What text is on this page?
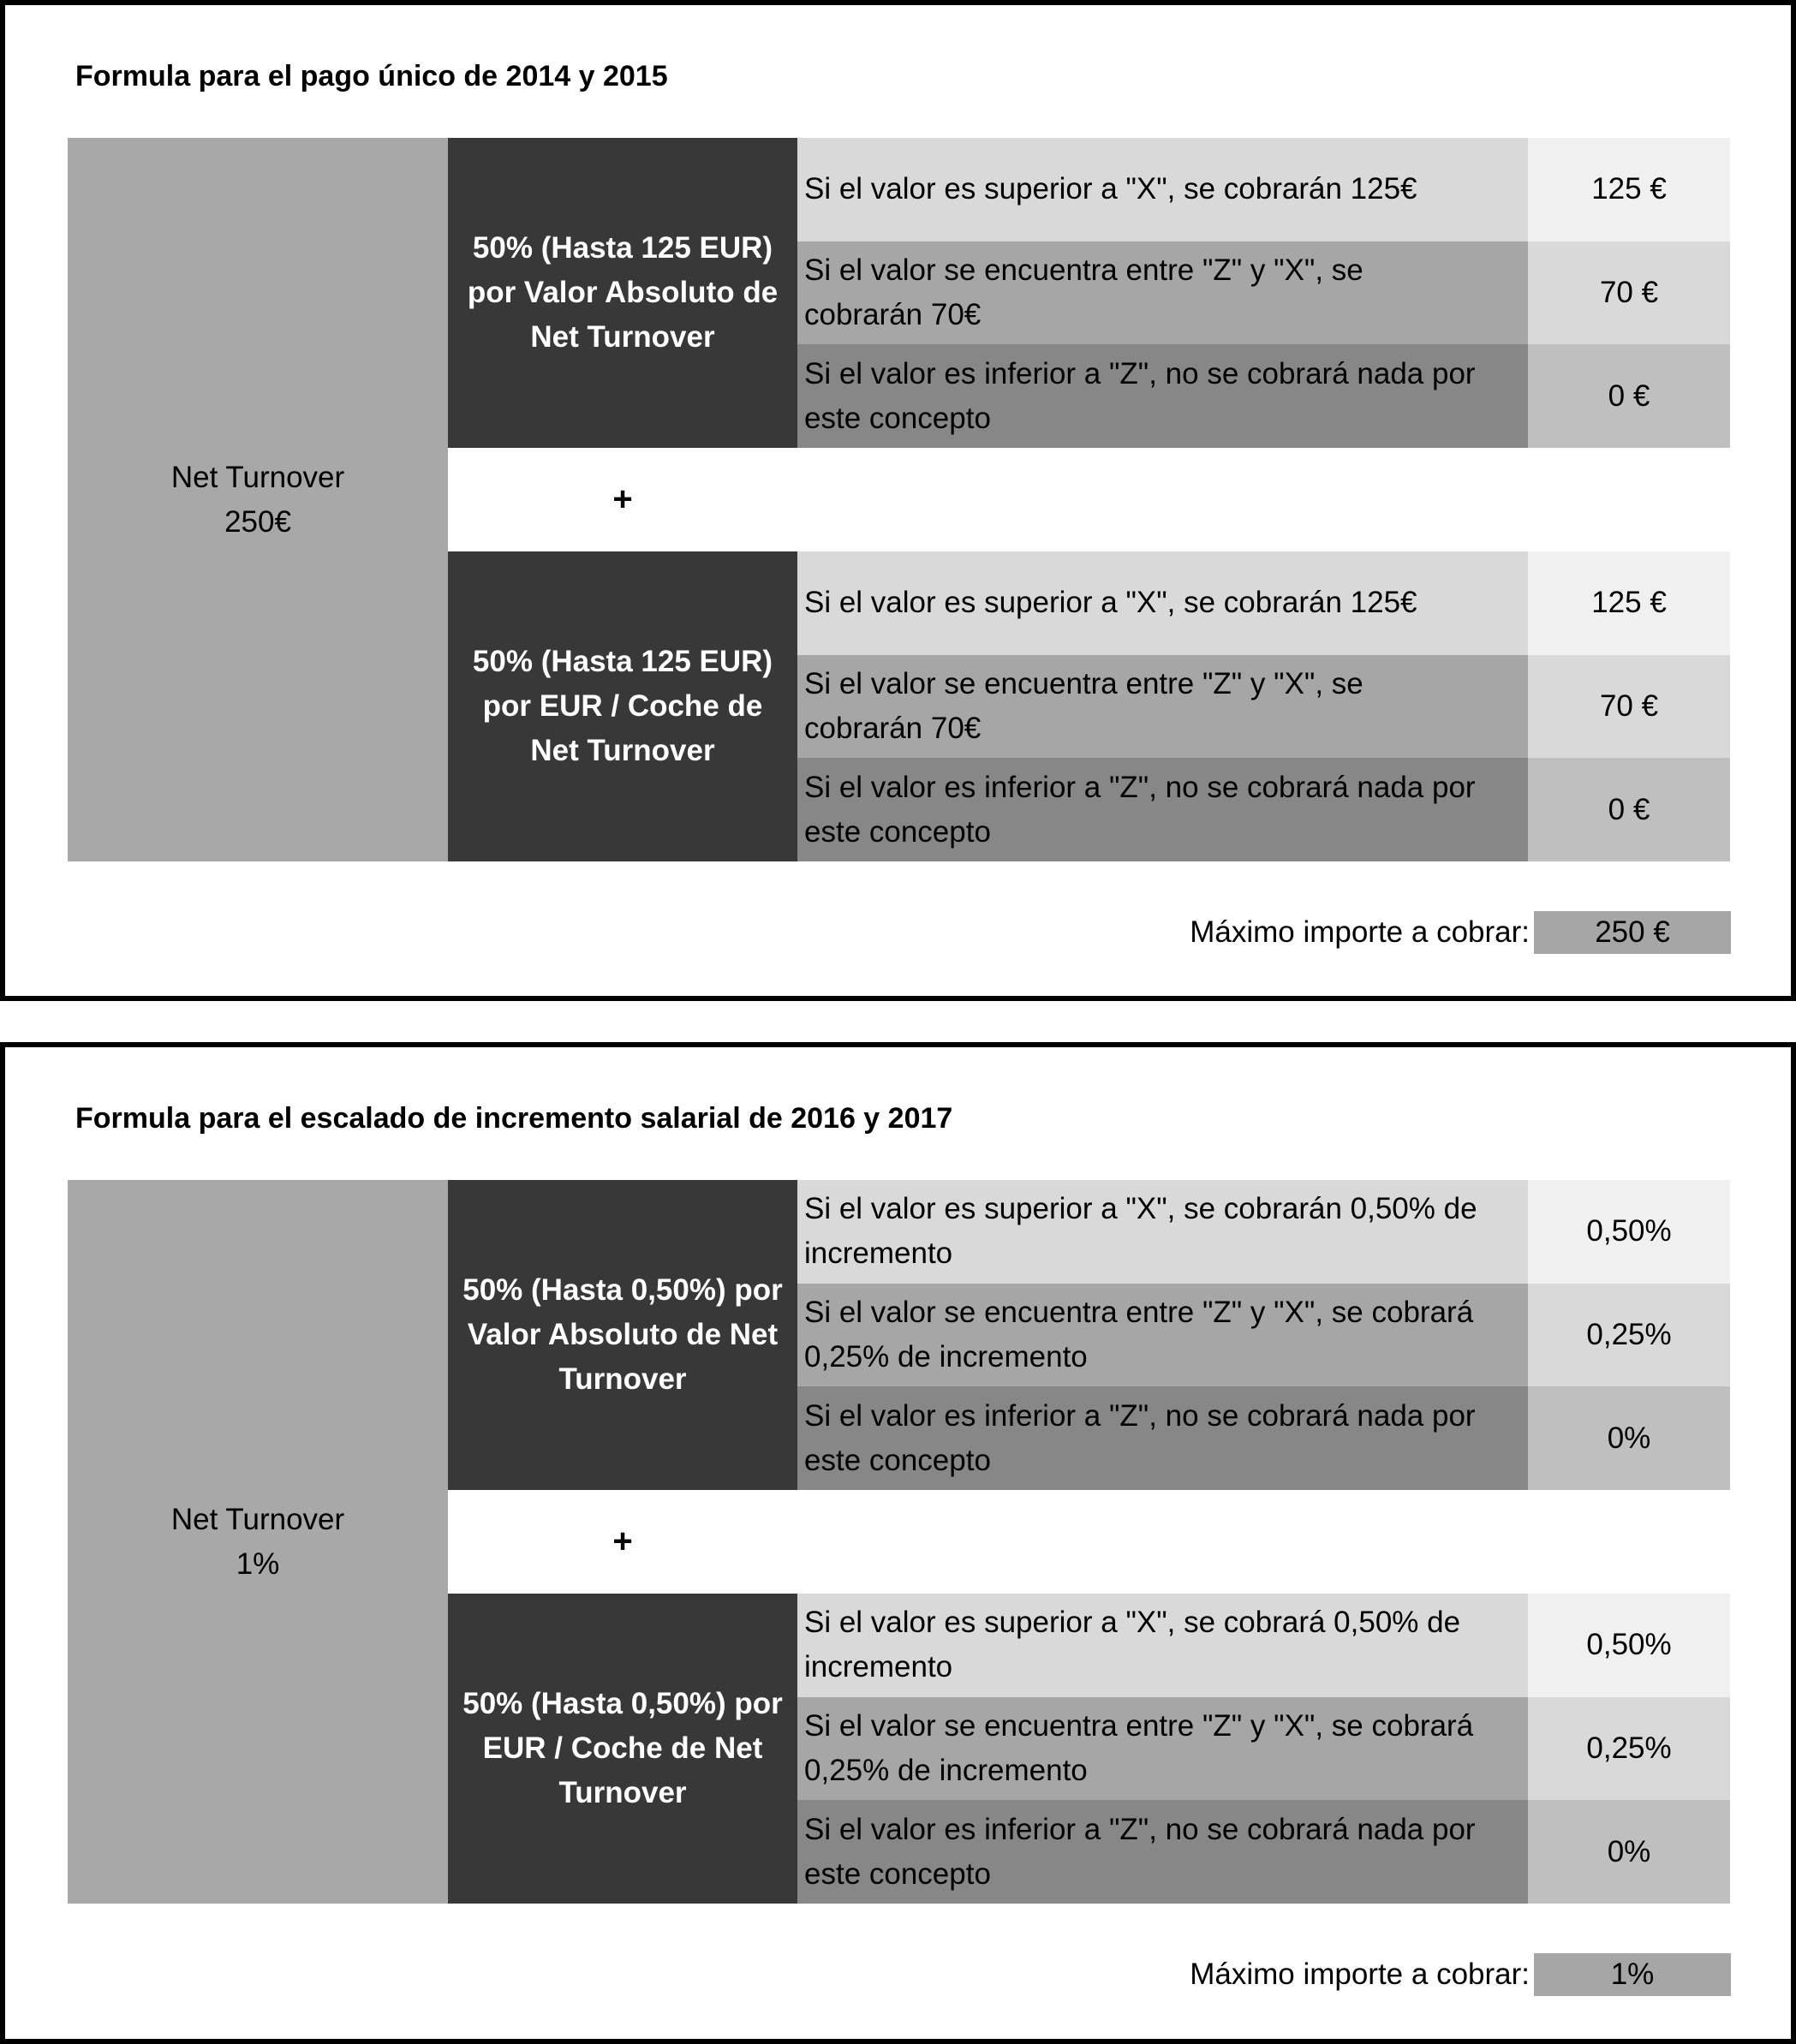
Formula para el pago único de 2014 y 2015
Net Turnover
250€
50% (Hasta 125 EUR)
por Valor Absoluto de
Net Turnover
Si el valor es superior a "X", se cobrarán 125€	125 €
Si el valor se encuentra entre "Z" y "X", se
cobrarán 70€
70 €
Si el valor es inferior a "Z", no se cobrará nada por
este concepto
0 €
+
50% (Hasta 125 EUR)
por EUR / Coche de
Net Turnover
Si el valor es superior a "X", se cobrarán 125€	125 €
Si el valor se encuentra entre "Z" y "X", se
cobrarán 70€
70 €
Si el valor es inferior a "Z", no se cobrará nada por
este concepto
0 €
Máximo importe a cobrar:	250 €
Formula para el escalado de incremento salarial de 2016 y 2017
Net Turnover
1%
50% (Hasta 0,50%) por
Valor Absoluto de Net
Turnover
Si el valor es superior a "X", se cobrarán 0,50% de
incremento
0,50%
Si el valor se encuentra entre "Z" y "X", se cobrará
0,25% de incremento
0,25%
Si el valor es inferior a "Z", no se cobrará nada por
este concepto
0%
+
50% (Hasta 0,50%) por
EUR / Coche de Net
Turnover
Si el valor es superior a "X", se cobrará 0,50% de
incremento
0,50%
Si el valor se encuentra entre "Z" y "X", se cobrará
0,25% de incremento
0,25%
Si el valor es inferior a "Z", no se cobrará nada por
este concepto
0%
Máximo importe a cobrar:	1%
